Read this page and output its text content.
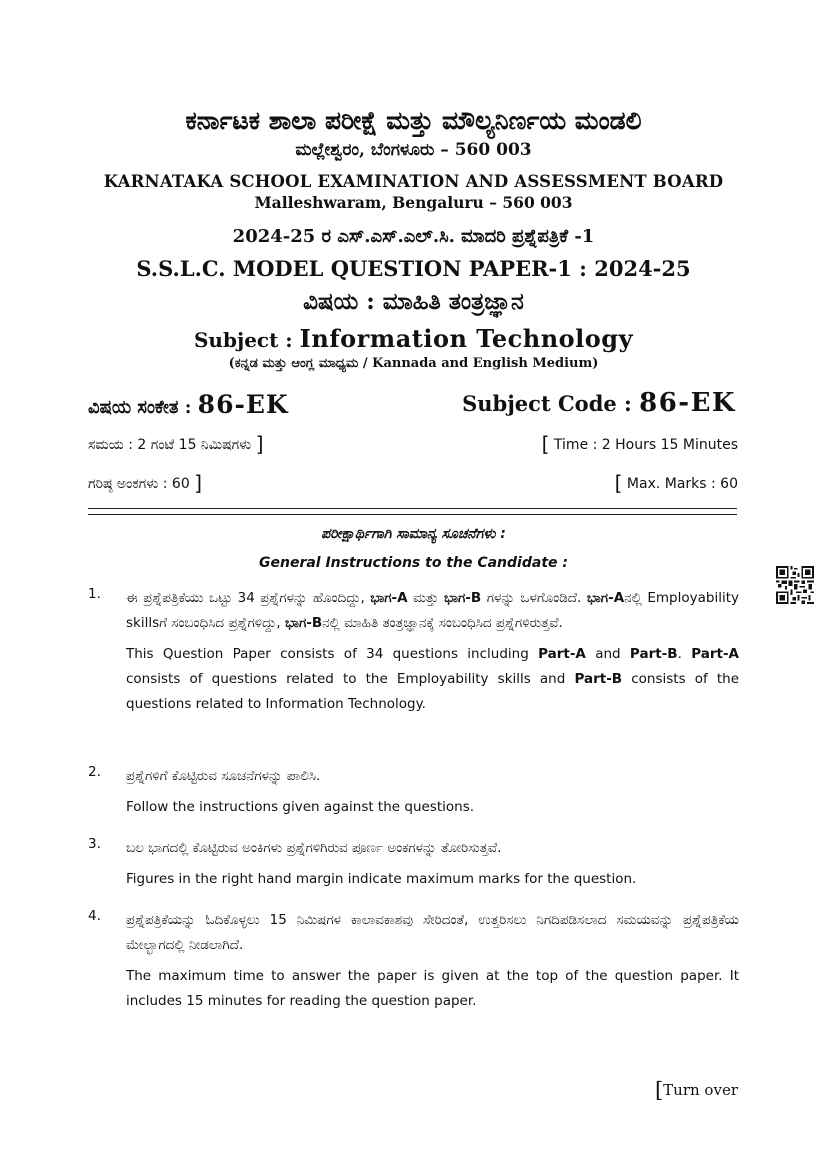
ಕರ್ನಾಟಕ ಶಾಲಾ ಪರೀಕ್ಷೆ ಮತ್ತು ಮೌಲ್ಯನಿರ್ಣಯ ಮಂಡಲಿ
ಮಲ್ಲೇಶ್ವರಂ, ಬೆಂಗಳೂರು – 560 003
KARNATAKA SCHOOL EXAMINATION AND ASSESSMENT BOARD
Malleshwaram, Bengaluru – 560 003
2024-25 ರ ಎಸ್.ಎಸ್.ಎಲ್.ಸಿ. ಮಾದರಿ ಪ್ರಶ್ನೆಪತ್ರಿಕೆ -1
S.S.L.C. MODEL QUESTION PAPER-1 : 2024-25
ವಿಷಯ : ಮಾಹಿತಿ ತಂತ್ರಜ್ಞಾನ
Subject : Information Technology
(ಕನ್ನಡ ಮತ್ತು ಆಂಗ್ಲ ಮಾಧ್ಯಮ / Kannada and English Medium)
ವಿಷಯ ಸಂಕೇತ : 86-EK	Subject Code : 86-EK
ಸಮಯ : 2 ಗಂಟೆ 15 ನಿಮಿಷಗಳು ]	[ Time : 2 Hours 15 Minutes
ಗರಿಷ್ಠ ಅಂಕಗಳು : 60 ]	[ Max. Marks : 60
ಪರೀಕ್ಷಾರ್ಥಿಗಾಗಿ ಸಾಮಾನ್ಯ ಸೂಚನೆಗಳು :
General Instructions to the Candidate :
1. ಈ ಪ್ರಶ್ನೆಪತ್ರಿಕೆಯು ಒಟ್ಟು 34 ಪ್ರಶ್ನೆಗಳನ್ನು ಹೊಂದಿದ್ದು, ಭಾಗ-A ಮತ್ತು ಭಾಗ-B ಗಳನ್ನು ಒಳಗೊಂಡಿದೆ. ಭಾಗ-Aನಲ್ಲಿ Employability skillsಗೆ ಸಂಬಂಧಿಸಿದ ಪ್ರಶ್ನೆಗಳಿದ್ದು, ಭಾಗ-Bನಲ್ಲಿ ಮಾಹಿತಿ ತಂತ್ರಜ್ಞಾನಕ್ಕೆ ಸಂಬಂಧಿಸಿದ ಪ್ರಶ್ನೆಗಳಿರುತ್ತವೆ.
This Question Paper consists of 34 questions including Part-A and Part-B. Part-A consists of questions related to the Employability skills and Part-B consists of the questions related to Information Technology.
2. ಪ್ರಶ್ನೆಗಳಿಗೆ ಕೊಟ್ಟಿರುವ ಸೂಚನೆಗಳನ್ನು ಪಾಲಿಸಿ.
Follow the instructions given against the questions.
3. ಬಲ ಭಾಗದಲ್ಲಿ ಕೊಟ್ಟಿರುವ ಅಂಕಿಗಳು ಪ್ರಶ್ನೆಗಳಿಗಿರುವ ಪೂರ್ಣ ಅಂಕಗಳನ್ನು ತೋರಿಸುತ್ತವೆ.
Figures in the right hand margin indicate maximum marks for the question.
4. ಪ್ರಶ್ನೆಪತ್ರಿಕೆಯನ್ನು ಓದಿಕೊಳ್ಳಲು 15 ನಿಮಿಷಗಳ ಕಾಲಾವಕಾಶವು ಸೇರಿದಂತೆ, ಉತ್ತರಿಸಲು ನಿಗದಿಪಡಿಸಲಾದ ಸಮಯವನ್ನು ಪ್ರಶ್ನೆಪತ್ರಿಕೆಯ ಮೇಲ್ಭಾಗದಲ್ಲಿ ನೀಡಲಾಗಿದೆ.
The maximum time to answer the paper is given at the top of the question paper. It includes 15 minutes for reading the question paper.
[Turn over
